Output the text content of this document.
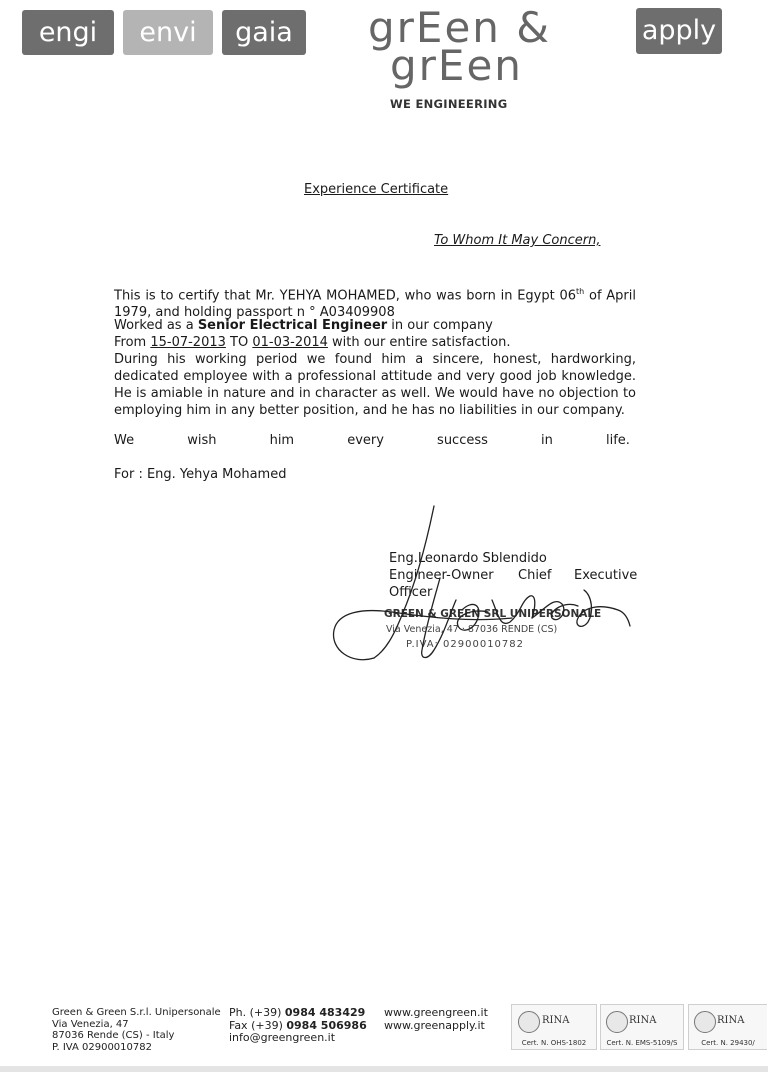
engi	envi	gaia	apply
grEen &
grEen
WE ENGINEERING
Experience Certificate
To Whom It May Concern,
This is to certify that Mr. YEHYA MOHAMED, who was born in Egypt 06th of April 1979, and holding passport n ° A03409908
Worked as a Senior Electrical Engineer in our company
From 15-07-2013 TO 01-03-2014 with our entire satisfaction.
During his working period we found him a sincere, honest, hardworking, dedicated employee with a professional attitude and very good job knowledge. He is amiable in nature and in character as well. We would have no objection to employing him in any better position, and he has no liabilities in our company.
We	wish	him	every	success	in	life.
For : Eng. Yehya Mohamed
Eng.Leonardo Sblendido
Engineer-Owner Chief Executive
Officer
GREEN & GREEN SRL UNIPERSONALE
Via Venezia, 47 · 87036 RENDE (CS)
P.IVA: 02900010782
Green & Green S.r.l. Unipersonale
Via Venezia, 47
87036 Rende (CS) - Italy
P. IVA 02900010782
Ph. (+39) 0984 483429
Fax (+39) 0984 506986
info@greengreen.it
www.greengreen.it
www.greenapply.it	RINA
Cert. N. OHS-1802
RINA
Cert. N. EMS-5109/S
RINA
Cert. N. 29430/
